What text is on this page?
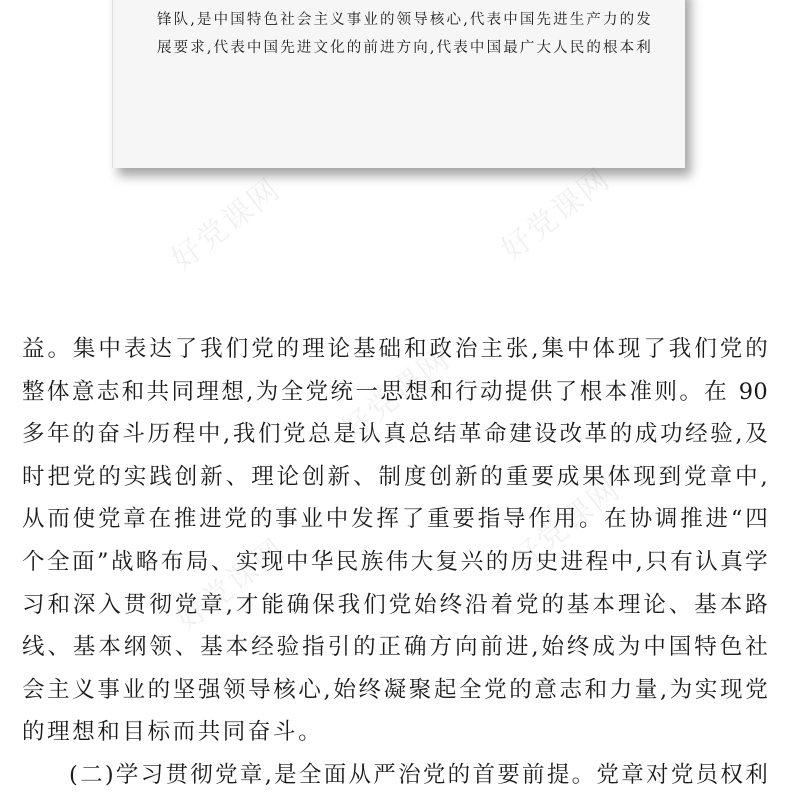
锋队,是中国特色社会主义事业的领导核心,代表中国先进生产力的发
展要求,代表中国先进文化的前进方向,代表中国最广大人民的根本利
益。集中表达了我们党的理论基础和政治主张,集中体现了我们党的
整体意志和共同理想,为全党统一思想和行动提供了根本准则。在 90
多年的奋斗历程中,我们党总是认真总结革命建设改革的成功经验,及
时把党的实践创新、理论创新、制度创新的重要成果体现到党章中,
从而使党章在推进党的事业中发挥了重要指导作用。在协调推进“四
个全面”战略布局、实现中华民族伟大复兴的历史进程中,只有认真学
习和深入贯彻党章,才能确保我们党始终沿着党的基本理论、基本路
线、基本纲领、基本经验指引的正确方向前进,始终成为中国特色社
会主义事业的坚强领导核心,始终凝聚起全党的意志和力量,为实现党
的理想和目标而共同奋斗。
(二)学习贯彻党章,是全面从严治党的首要前提。党章对党员权利
好党课网	好党课网
好党课网
好党课网
好党课网
